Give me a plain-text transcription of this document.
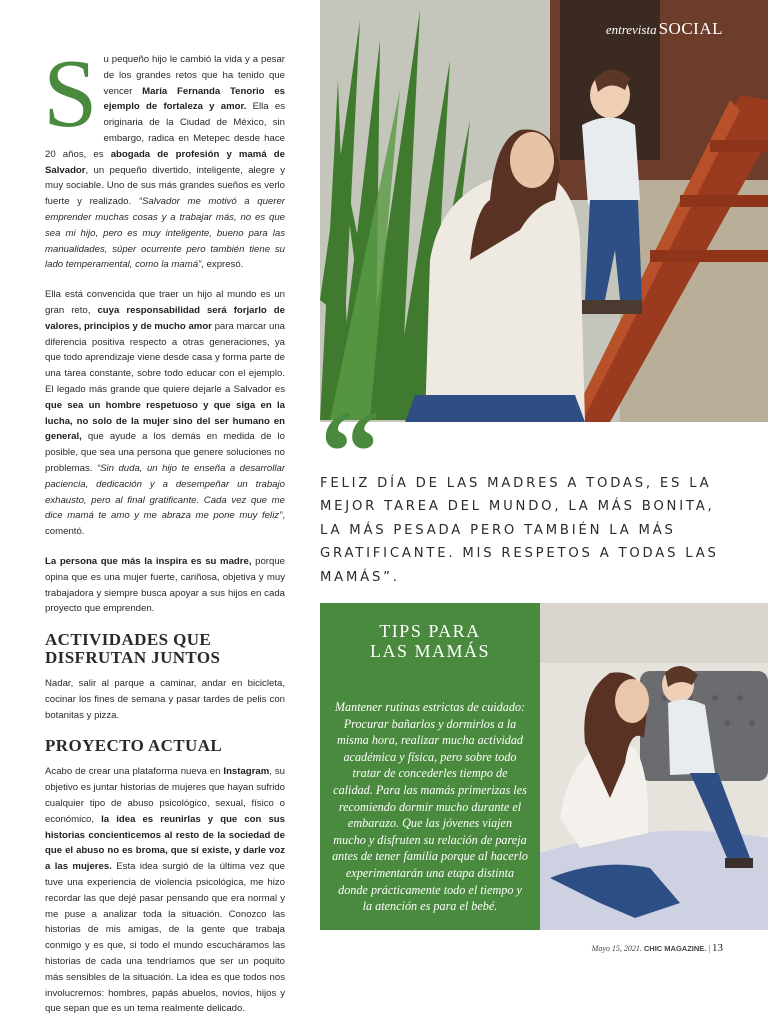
Su pequeño hijo le cambió la vida y a pesar de los grandes retos que ha tenido que vencer María Fernanda Tenorio es ejemplo de fortaleza y amor. Ella es originaria de la Ciudad de México, sin embargo, radica en Metepec desde hace 20 años, es abogada de profesión y mamá de Salvador, un pequeño divertido, inteligente, alegre y muy sociable. Uno de sus más grandes sueños es verlo fuerte y realizado. “Salvador me motivó a querer emprender muchas cosas y a trabajar más, no es que sea mi hijo, pero es muy inteligente, bueno para las manualidades, súper ocurrente pero también tiene su lado temperamental, como la mamá”, expresó.

Ella está convencida que traer un hijo al mundo es un gran reto, cuya responsabilidad será forjarlo de valores, principios y de mucho amor para marcar una diferencia positiva respecto a otras generaciones, ya que todo aprendizaje viene desde casa y forma parte de una tarea constante, sobre todo educar con el ejemplo. El legado más grande que quiere dejarle a Salvador es que sea un hombre respetuoso y que siga en la lucha, no solo de la mujer sino del ser humano en general, que ayude a los demás en medida de lo posible, que sea una persona que genere soluciones no problemas. “Sin duda, un hijo te enseña a desarrollar paciencia, dedicación y a desempeñar un trabajo exhausto, pero al final gratificante. Cada vez que me dice mamá te amo y me abraza me pone muy feliz”, comentó.

La persona que más la inspira es su madre, porque opina que es una mujer fuerte, cariñosa, objetiva y muy trabajadora y siempre busca apoyar a sus hijos en cada proyecto que emprenden.

ACTIVIDADES QUE DISFRUTAN JUNTOS

Nadar, salir al parque a caminar, andar en bicicleta, cocinar los fines de semana y pasar tardes de pelis con botanitas y pizza.

PROYECTO ACTUAL

Acabo de crear una plataforma nueva en Instagram, su objetivo es juntar historias de mujeres que hayan sufrido cualquier tipo de abuso psicológico, sexual, físico o económico, la idea es reunirlas y que con sus historias concienticemos al resto de la sociedad de que el abuso no es broma, que sí existe, y darle voz a las mujeres. Esta idea surgió de la última vez que tuve una experiencia de violencia psicológica, me hizo recordar las que dejé pasar pensando que era normal y me puse a analizar toda la situación. Conozco las historias de mis amigas, de la gente que trabaja conmigo y es que, si todo el mundo escucháramos las historias de cada una tendríamos que ser un poquito más sensibles de la situación. La idea es que todos nos involucremos: hombres, papás abuelos, novios, hijos y que sepan que es un tema realmente delicado.

entrevista SOCIAL
“
FELIZ DÍA DE LAS MADRES A TODAS, ES LA MEJOR TAREA DEL MUNDO, LA MÁS BONITA, LA MÁS PESADA PERO TAMBIÉN LA MÁS GRATIFICANTE. MIS RESPETOS A TODAS LAS MAMÁS”.
TIPS PARA
LAS MAMÁS
Mantener rutinas estrictas de cuidado: Procurar bañarlos y dormirlos a la misma hora, realizar mucha actividad académica y física, pero sobre todo tratar de concederles tiempo de calidad. Para las mamás primerizas les recomiendo dormir mucho durante el embarazo. Que las jóvenes viajen mucho y disfruten su relación de pareja antes de tener familia porque al hacerlo experimentarán una etapa distinta donde prácticamente todo el tiempo y la atención es para el bebé.
Mayo 15, 2021. CHIC MAGAZINE. | 13
